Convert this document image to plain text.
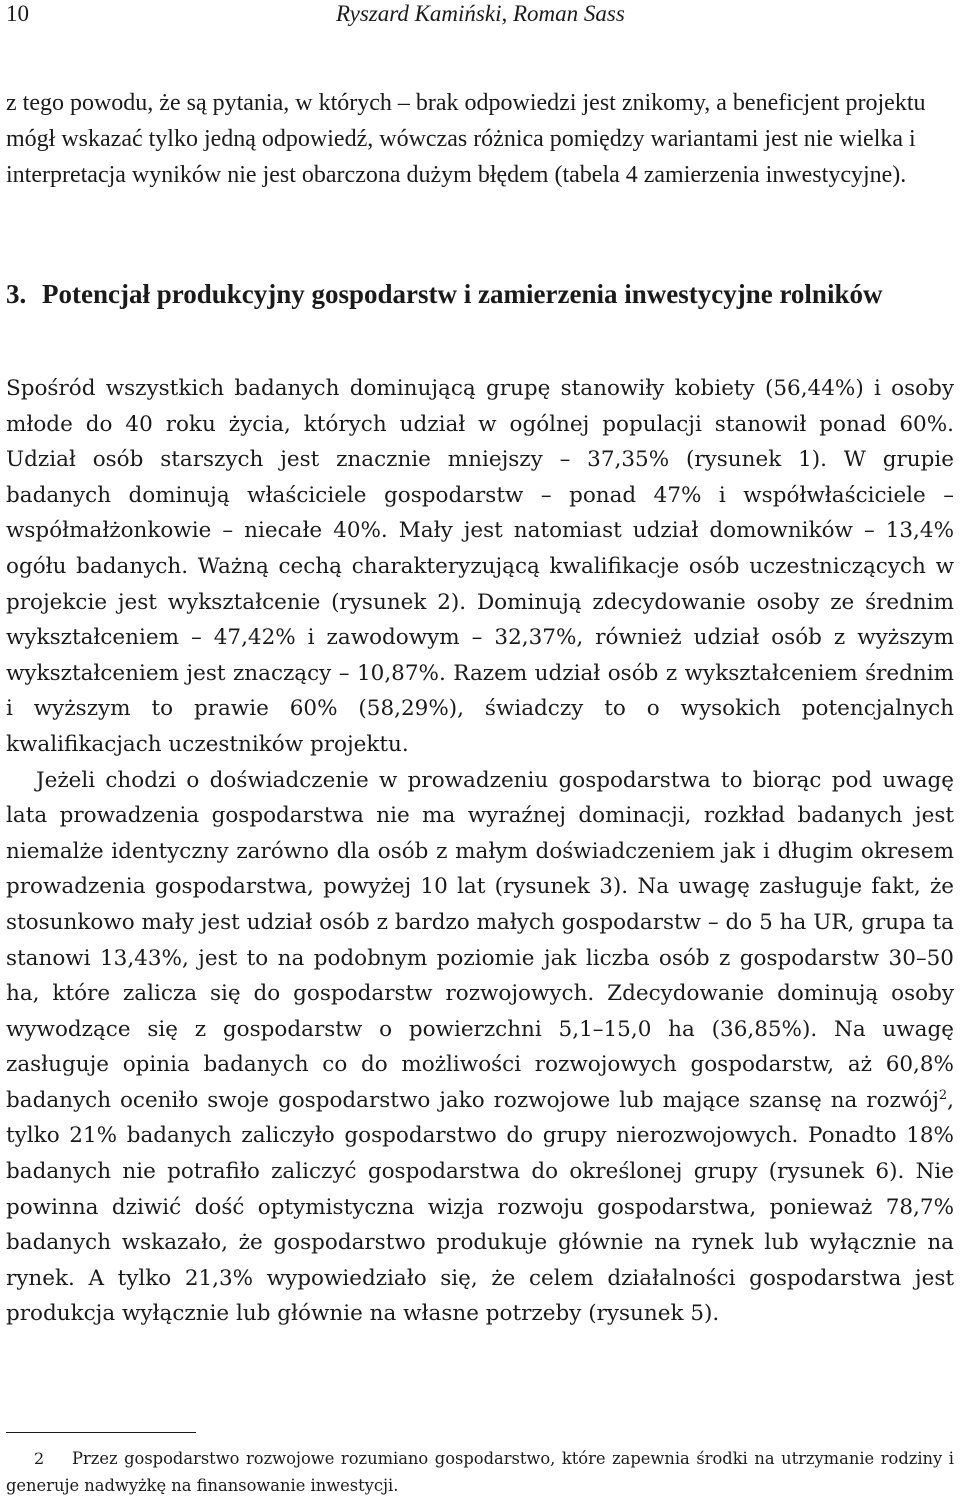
10	Ryszard Kamiński, Roman Sass

z tego powodu, że są pytania, w których – brak odpowiedzi jest znikomy, a beneficjent projektu mógł wskazać tylko jedną odpowiedź, wówczas różnica pomiędzy wariantami jest nie wielka i interpretacja wyników nie jest obarczona dużym błędem (tabela 4 zamierzenia inwestycyjne).

3. Potencjał produkcyjny gospodarstw i zamierzenia inwestycyjne rolników

Spośród wszystkich badanych dominującą grupę stanowiły kobiety (56,44%) i osoby młode do 40 roku życia, których udział w ogólnej populacji stanowił ponad 60%. Udział osób starszych jest znacznie mniejszy – 37,35% (rysunek 1). W grupie badanych dominują właściciele gospodarstw – ponad 47% i współwłaściciele – współmałżonkowie – niecałe 40%. Mały jest natomiast udział domowników – 13,4% ogółu badanych. Ważną cechą charakteryzującą kwalifikacje osób uczestniczących w projekcie jest wykształcenie (rysunek 2). Dominują zdecydowanie osoby ze średnim wykształceniem – 47,42% i zawodowym – 32,37%, również udział osób z wyższym wykształceniem jest znaczący – 10,87%. Razem udział osób z wykształceniem średnim i wyższym to prawie 60% (58,29%), świadczy to o wysokich potencjalnych kwalifikacjach uczestników projektu.

Jeżeli chodzi o doświadczenie w prowadzeniu gospodarstwa to biorąc pod uwagę lata prowadzenia gospodarstwa nie ma wyraźnej dominacji, rozkład badanych jest niemalże identyczny zarówno dla osób z małym doświadczeniem jak i długim okresem prowadzenia gospodarstwa, powyżej 10 lat (rysunek 3). Na uwagę zasługuje fakt, że stosunkowo mały jest udział osób z bardzo małych gospodarstw – do 5 ha UR, grupa ta stanowi 13,43%, jest to na podobnym poziomie jak liczba osób z gospodarstw 30–50 ha, które zalicza się do gospodarstw rozwojowych. Zdecydowanie dominują osoby wywodzące się z gospodarstw o powierzchni 5,1–15,0 ha (36,85%). Na uwagę zasługuje opinia badanych co do możliwości rozwojowych gospodarstw, aż 60,8% badanych oceniło swoje gospodarstwo jako rozwojowe lub mające szansę na rozwój$^2$, tylko 21% badanych zaliczyło gospodarstwo do grupy nierozwojowych. Ponadto 18% badanych nie potrafiło zaliczyć gospodarstwa do określonej grupy (rysunek 6). Nie powinna dziwić dość optymistyczna wizja rozwoju gospodarstwa, ponieważ 78,7% badanych wskazało, że gospodarstwo produkuje głównie na rynek lub wyłącznie na rynek. A tylko 21,3% wypowiedziało się, że celem działalności gospodarstwa jest produkcja wyłącznie lub głównie na własne potrzeby (rysunek 5).

2 Przez gospodarstwo rozwojowe rozumiano gospodarstwo, które zapewnia środki na utrzymanie rodziny i generuje nadwyżkę na finansowanie inwestycji.
